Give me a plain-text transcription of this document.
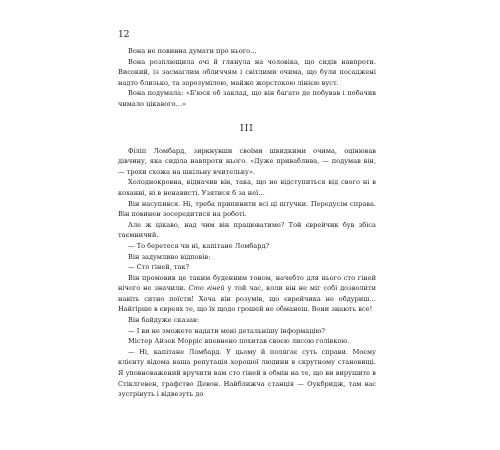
12

Вона не повинна думати про нього…

Вона розплющила очі й глянула на чоловіка, що сидів навпроти. Високий, із засмаглим обличчям і світлими очима, що були посаджені надто близько, та зарозумілою, майже жорстокою лінією вуст.

Вона подумала: «Б'юся об заклад, що він багато де побував і побачив чимало цікавого…»

III

Філіп Ломбард, зиркнувши своїми швидкими очима, оцінював дівчину, яка сиділа навпроти нього. «Дуже приваблива, — подумав він, — трохи схожа на шкільну вчительку».

Холоднокровна, відначив він, така, що не відступиться від свого ні в коханні, ні в ненависті. Узятися б за неї…

Він насупився. Ні, треба припинити всі ці штучки. Передусім справа. Він повинен зосередитися на роботі.

Але ж цікаво, над чим він працюватиме? Той єврейчик був збіса таємничий.

— То беретеся чи ні, капітане Ломбард?

Він задумливо відповів:

— Сто гіней, так?

Він промовив це таким буденним тоном, начебто для нього сто гіней нічого не значили. Сто гіней у той час, коли він не міг собі дозволити навіть ситно поїсти! Хоча він розумів, що єврейчика не обдуриш… Найгірше в євреях те, що їх щодо грошей не обманеш. Вони знають все!

Він байдуже сказав:

— І ви не зможете надати мені детальнішу інформацію?

Містер Айзек Морріс впевнено похитав своєю лисою голівкою.

— Ні, капітане Ломбард. У цьому й полягає суть справи. Моєму клієнту відома ваша репутація хорошої людини в скрутному становищі. Я уповноважений вручити вам сто гіней в обмін на те, що ви вирушите в Стіклгевен, графство Девон. Найближча станція — Оукбридж, там вас зустрінуть і відвезуть до
